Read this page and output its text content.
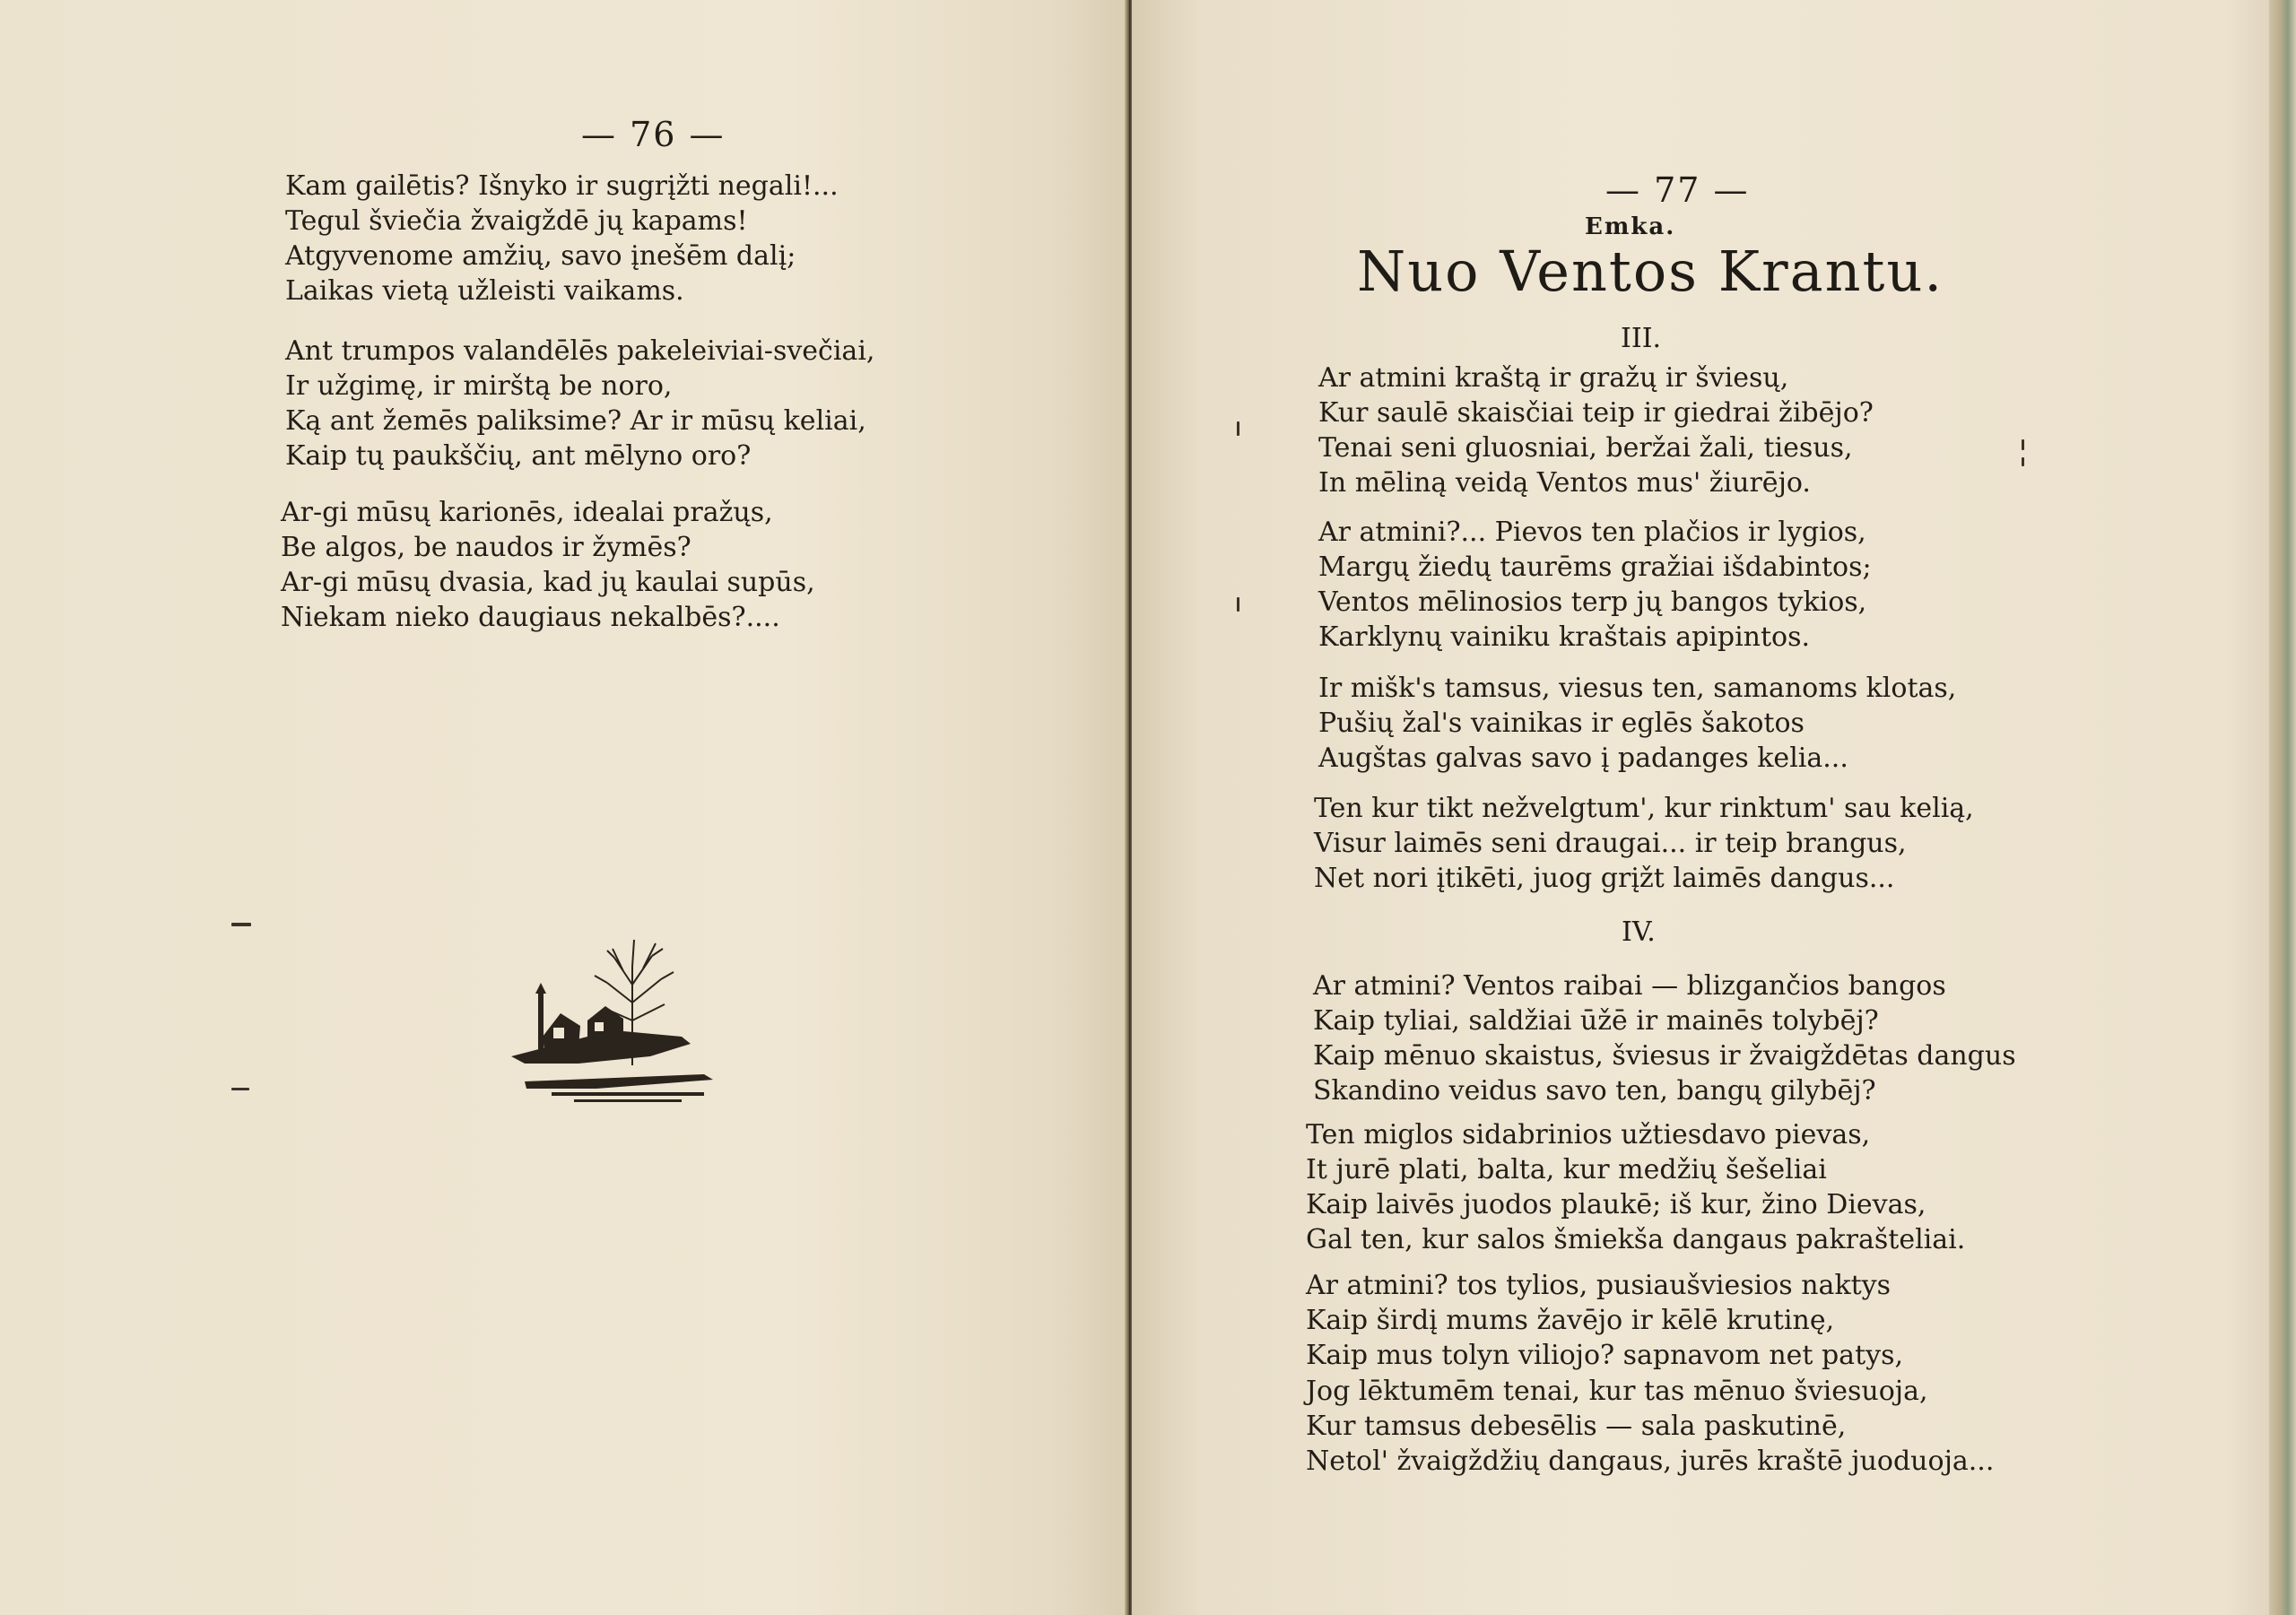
— 76 —
Kam gailētis? Išnyko ir sugrįžti negali!...
Tegul šviečia žvaigždē jų kapams!
Atgyvenome amžių, savo įnešēm dalį;
Laikas vietą užleisti vaikams.
Ant trumpos valandēlēs pakeleiviai-svečiai,
Ir užgimę, ir mirštą be noro,
Ką ant žemēs paliksime? Ar ir mūsų keliai,
Kaip tų paukščių, ant mēlyno oro?
Ar-gi mūsų karionēs, idealai pražųs,
Be algos, be naudos ir žymēs?
Ar-gi mūsų dvasia, kad jų kaulai supūs,
Niekam nieko daugiaus nekalbēs?....
— 77 —
Emka.
Nuo Ventos Krantu.
III.
Ar atmini kraštą ir gražų ir šviesų,
Kur saulē skaisčiai teip ir giedrai žibējo?
Tenai seni gluosniai, beržai žali, tiesus,
In mēliną veidą Ventos mus' žiurējo.
Ar atmini?... Pievos ten plačios ir lygios,
Margų žiedų taurēms gražiai išdabintos;
Ventos mēlinosios terp jų bangos tykios,
Karklynų vainiku kraštais apipintos.
Ir mišk's tamsus, viesus ten, samanoms klotas,
Pušių žal's vainikas ir eglēs šakotos
Augštas galvas savo į padanges kelia...
Ten kur tikt nežvelgtum', kur rinktum' sau kelią,
Visur laimēs seni draugai... ir teip brangus,
Net nori įtikēti, juog grįžt laimēs dangus...
IV.
Ar atmini? Ventos raibai — blizgančios bangos
Kaip tyliai, saldžiai ūžē ir mainēs tolybēj?
Kaip mēnuo skaistus, šviesus ir žvaigždētas dangus
Skandino veidus savo ten, bangų gilybēj?
Ten miglos sidabrinios užtiesdavo pievas,
It jurē plati, balta, kur medžių šešeliai
Kaip laivēs juodos plaukē; iš kur, žino Dievas,
Gal ten, kur salos šmiekša dangaus pakrašteliai.
Ar atmini? tos tylios, pusiaušviesios naktys
Kaip širdį mums žavējo ir kēlē krutinę,
Kaip mus tolyn viliojo? sapnavom net patys,
Jog lēktumēm tenai, kur tas mēnuo šviesuoja,
Kur tamsus debesēlis — sala paskutinē,
Netol' žvaigždžių dangaus, jurēs kraštē juoduoja...
